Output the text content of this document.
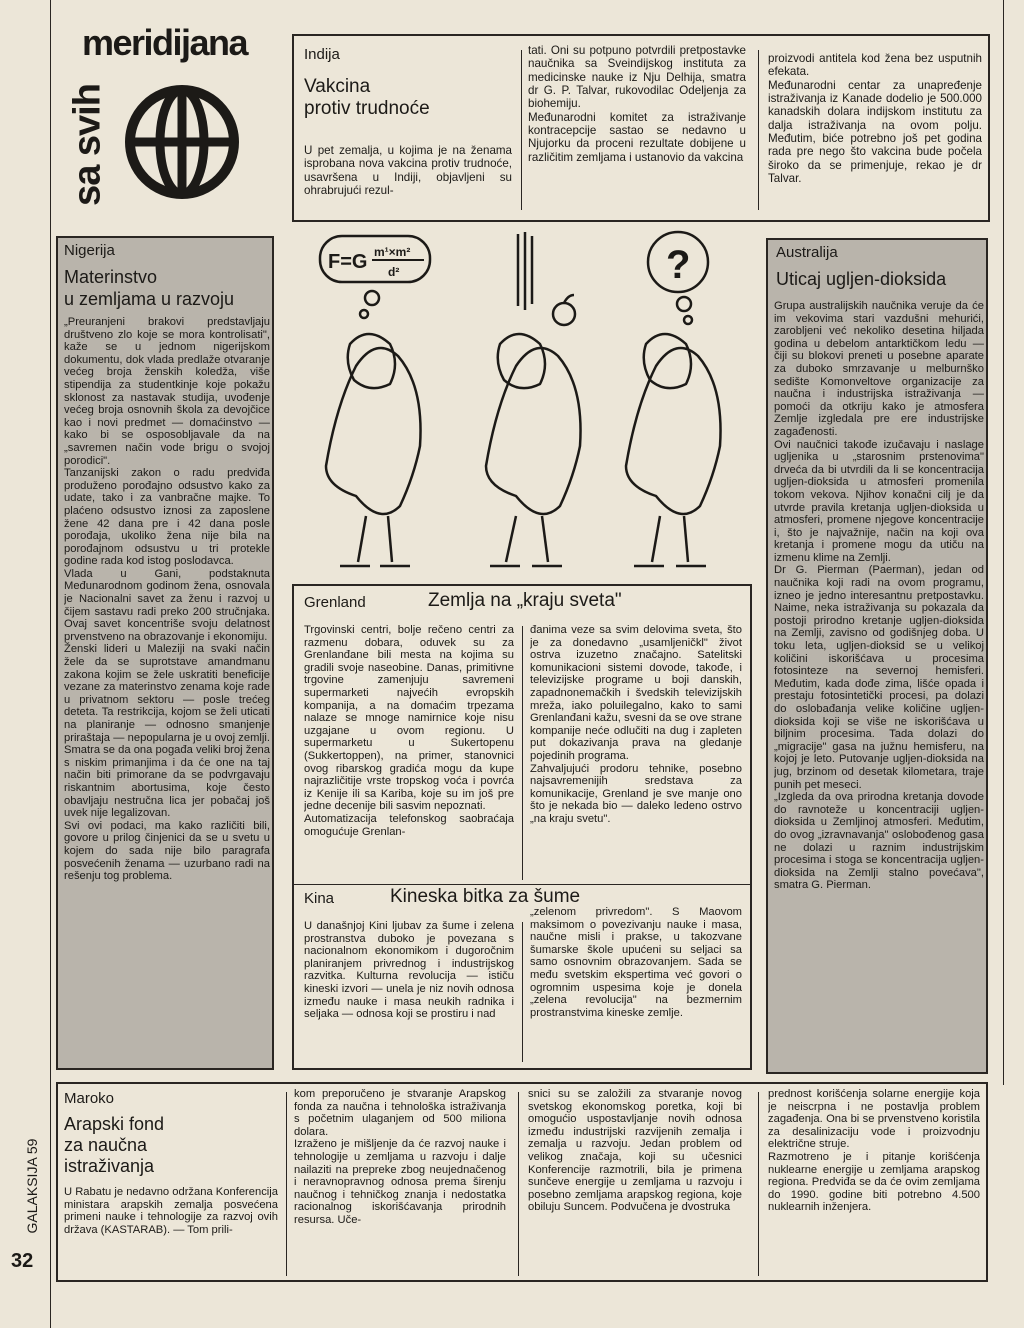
sa svih
meridijana	Indija
Vakcina
protiv trudnoće
U pet zemalja, u kojima je na ženama isprobana nova vakcina protiv trudnoće, usavršena u Indiji, objavljeni su ohrabrujući rezul-
tati. Oni su potpuno potvrdili pretpostavke naučnika sa Sveindijskog instituta za medicinske nauke iz Nju Delhija, smatra dr G. P. Talvar, rukovodilac Odeljenja za biohemiju.
Međunarodni komitet za istraživanje kontracepcije sastao se nedavno u Njujorku da proceni rezultate dobijene u različitim zemljama i ustanovio da vakcina
proizvodi antitela kod žena bez usputnih efekata.
Međunarodni centar za unapređenje istraživanja iz Kanade dodelio je 500.000 kanadskih dolara indijskom institutu za dalja istraživanja na ovom polju. Međutim, biće potrebno još pet godina rada pre nego što vakcina bude počela široko da se primenjuje, rekao je dr Talvar.
Nigerija
Materinstvo
u zemljama u razvoju
„Preuranjeni brakovi predstavljaju društveno zlo koje se mora kontrolisati", kaže se u jednom nigerijskom dokumentu, dok vlada predlaže otvaranje većeg broja ženskih koledža, više stipendija za studentkinje koje pokažu sklonost za nastavak studija, uvođenje većeg broja osnovnih škola za devojčice kao i novi predmet — domaćinstvo — kako bi se osposobljavale da na „savremen način vode brigu o svojoj porodici".
Tanzanijski zakon o radu predviđa produženo porođajno odsustvo kako za udate, tako i za vanbračne majke. To plaćeno odsustvo iznosi za zaposlene žene 42 dana pre i 42 dana posle porođaja, ukoliko žena nije bila na porođajnom odsustvu u tri protekle godine rada kod istog poslodavca.
Vlada u Gani, podstaknuta Međunarodnom godinom žena, osnovala je Nacionalni savet za ženu i razvoj u čijem sastavu radi preko 200 stručnjaka. Ovaj savet koncentriše svoju delatnost prvenstveno na obrazovanje i ekonomiju.
Ženski lideri u Maleziji na svaki način žele da se suprotstave amandmanu zakona kojim se žele uskratiti beneficije vezane za materinstvo zenama koje rade u privatnom sektoru — posle trećeg deteta. Ta restrikcija, kojom se želi uticati na planiranje — odnosno smanjenje priraštaja — nepopularna je u ovoj zemlji. Smatra se da ona pogađa veliki broj žena s niskim primanjima i da će one na taj način biti primorane da se podvrgavaju riskantnim abortusima, koje često obavljaju nestručna lica jer pobačaj još uvek nije legalizovan.
Svi ovi podaci, ma kako različiti bili, govore u prilog činjenici da se u svetu u kojem do sada nije bilo paragrafa posvećenih ženama — uzurbano radi na rešenju tog problema.
F=G m¹×m²
d²	?	Australija
Uticaj ugljen-dioksida
Grupa australijskih naučnika veruje da će im vekovima stari vazdušni mehurići, zarobljeni već nekoliko desetina hiljada godina u debelom antarktičkom ledu — čiji su blokovi preneti u posebne aparate za duboko smrzavanje u melburnško sedište Komonveltove organizacije za naučna i industrijska istraživanja — pomoći da otkriju kako je atmosfera Zemlje izgledala pre ere industrijske zagađenosti.
Ovi naučnici takođe izučavaju i naslage ugljenika u „starosnim prstenovima" drveća da bi utvrdili da li se koncentracija ugljen-dioksida u atmosferi promenila tokom vekova. Njihov konačni cilj je da utvrde pravila kretanja ugljen-dioksida u atmosferi, promene njegove koncentracije i, što je najvažnije, način na koji ova kretanja i promene mogu da utiču na izmenu klime na Zemlji.
Dr G. Pierman (Paerman), jedan od naučnika koji radi na ovom programu, izneo je jedno interesantnu pretpostavku. Naime, neka istraživanja su pokazala da postoji prirodno kretanje ugljen-dioksida na Zemlji, zavisno od godišnjeg doba. U toku leta, ugljen-dioksid se u velikoj količini iskorišćava u procesima fotosinteze na severnoj hemisferi. Međutim, kada dođe zima, lišće opada i prestaju fotosintetički procesi, pa dolazi do oslobađanja velike količine ugljen-dioksida koji se više ne iskorišćava u biljnim procesima. Tada dolazi do „migracije" gasa na južnu hemisferu, na kojoj je leto. Putovanje ugljen-dioksida na jug, brzinom od desetak kilometara, traje punih pet meseci.
„Izgleda da ova prirodna kretanja dovode do ravnoteže u koncentraciji ugljen-dioksida u Zemljinoj atmosferi. Međutim, do ovog „izravnavanja" oslobođenog gasa ne dolazi u raznim industrijskim procesima i stoga se koncentracija ugljen-dioksida na Zemlji stalno povećava", smatra G. Pierman.
Grenland	Zemlja na „kraju sveta"
Trgovinski centri, bolje rečeno centri za razmenu dobara, oduvek su za Grenlanđane bili mesta na kojima su gradili svoje naseobine. Danas, primitivne trgovine zamenjuju savremeni supermarketi najvećih evropskih kompanija, a na domaćim trpezama nalaze se mnoge namirnice koje nisu uzgajane u ovom regionu. U supermarketu u Sukertopenu (Sukkertoppen), na primer, stanovnici ovog ribarskog gradića mogu da kupe najrazličitije vrste tropskog voća i povrća iz Kenije ili sa Kariba, koje su im još pre jedne decenije bili sasvim nepoznati.
Automatizacija telefonskog saobraćaja omogućuje Grenlan-
đanima veze sa svim delovima sveta, što je za donedavno „usamljeničkl" život ostrva izuzetno značajno. Satelitski komunikacioni sistemi dovode, takođe, i televizijske programe u boji danskih, zapadnonemačkih i švedskih televizijskih mreža, iako poluilegalno, kako to sami Grenlanđani kažu, svesni da se ove strane kompanije neće odlučiti na dug i zapleten put dokazivanja prava na gledanje pojedinih programa.
Zahvaljujući prodoru tehnike, posebno najsavremenijih sredstava za komunikacije, Grenland je sve manje ono što je nekada bio — daleko ledeno ostrvo „na kraju svetu".
Kina	Kineska bitka za šume
U današnjoj Kini ljubav za šume i zelena prostranstva duboko je povezana s nacionalnom ekonomikom i dugoročnim planiranjem privrednog i industrijskog razvitka. Kulturna revolucija — ističu kineski izvori — unela je niz novih odnosa između nauke i masa neukih radnika i seljaka — odnosa koji se prostiru i nad
„zelenom privredom". S Maovom maksimom o povezivanju nauke i masa, naučne misli i prakse, u takozvane šumarske škole upućeni su seljaci sa samo osnovnim obrazovanjem. Sada se među svetskim ekspertima već govori o ogromnim uspesima koje je donela „zelena revolucija" na bezmernim prostranstvima kineske zemlje.
Maroko
Arapski fond
za naučna
istraživanja
U Rabatu je nedavno održana Konferencija ministara arapskih zemalja posvećena primeni nauke i tehnologije za razvoj ovih država (KASTARAB). — Tom prili-
kom preporučeno je stvaranje Arapskog fonda za naučna i tehnološka istraživanja s početnim ulaganjem od 500 miliona dolara.
Izraženo je mišljenje da će razvoj nauke i tehnologije u zemljama u razvoju i dalje nailaziti na prepreke zbog neujednačenog i neravnopravnog odnosa prema širenju naučnog i tehničkog znanja i nedostatka racionalnog iskorišćavanja prirodnih resursa. Uče-
snici su se založili za stvaranje novog svetskog ekonomskog poretka, koji bi omogućio uspostavljanje novih odnosa između industrijski razvijenih zemalja i zemalja u razvoju. Jedan problem od velikog značaja, koji su učesnici Konferencije razmotrili, bila je primena sunčeve energije u zemljama u razvoju i posebno zemljama arapskog regiona, koje obiluju Suncem. Podvučena je dvostruka
prednost korišćenja solarne energije koja je neiscrpna i ne postavlja problem zagađenja. Ona bi se prvenstveno koristila za desalinizaciju vode i proizvodnju električne struje.
Razmotreno je i pitanje korišćenja nuklearne energije u zemljama arapskog regiona. Predviđa se da će ovim zemljama do 1990. godine biti potrebno 4.500 nuklearnih inženjera.
GALAKSIJA 59
32
